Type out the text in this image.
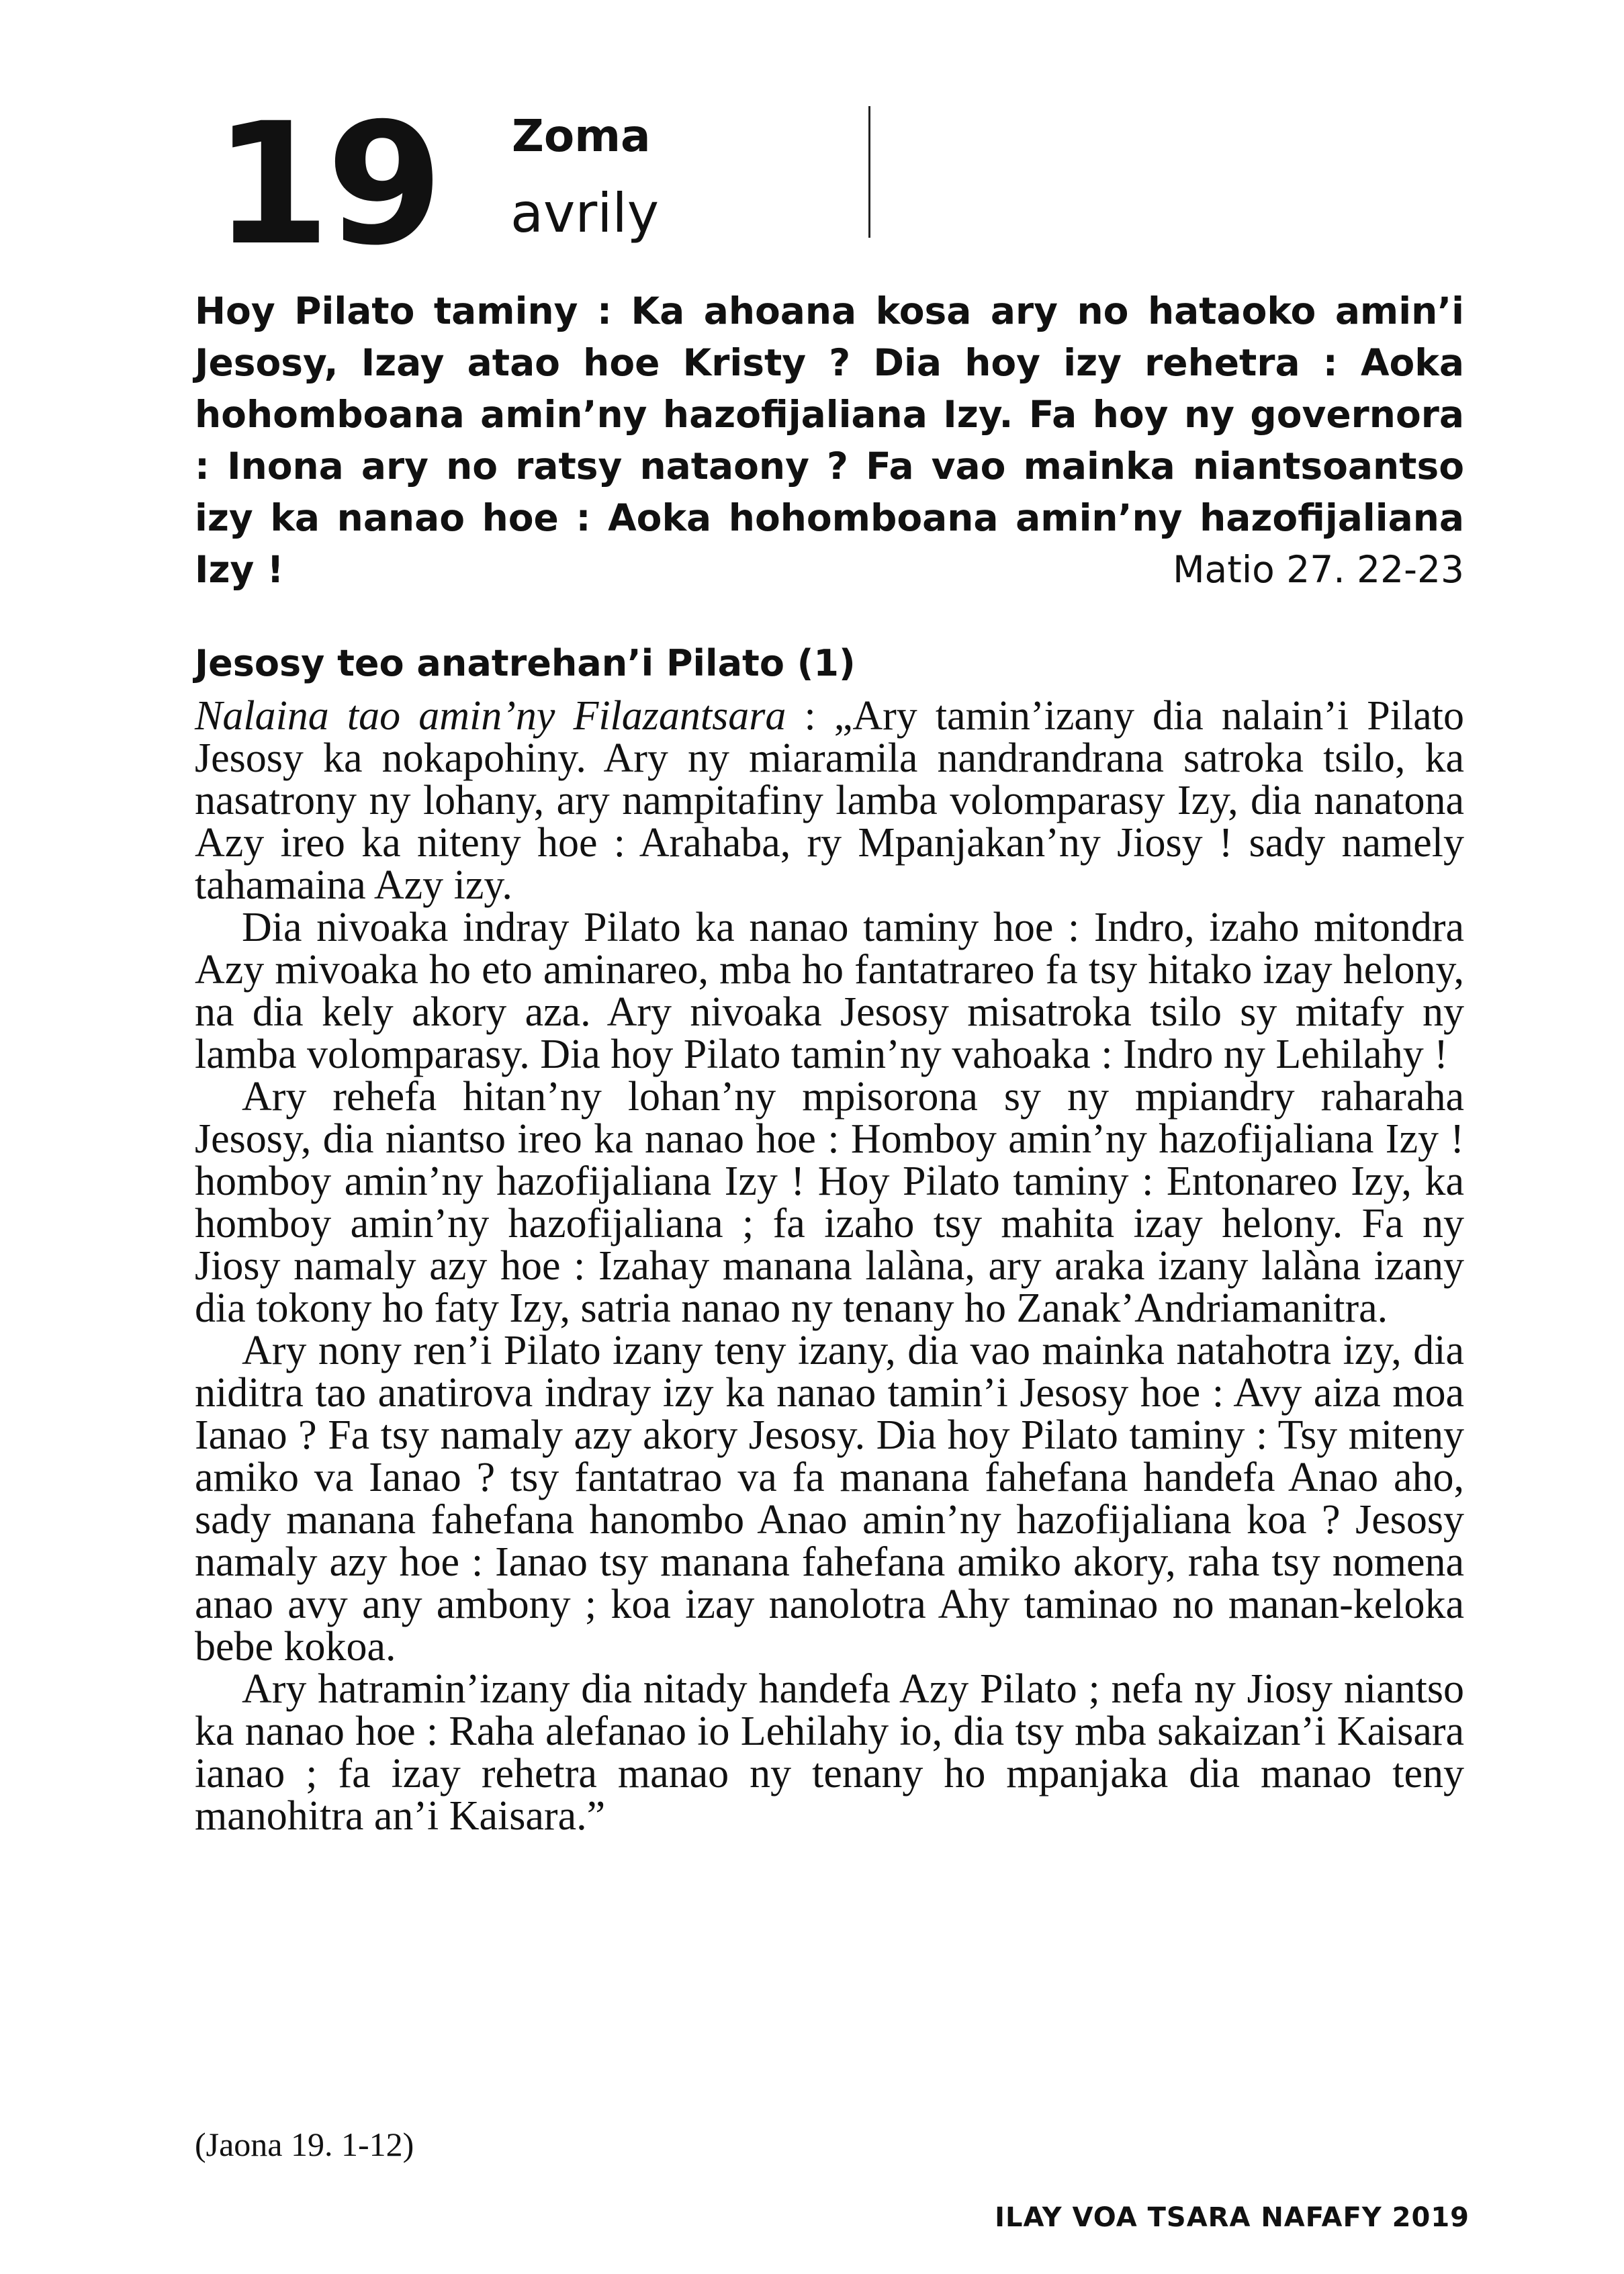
19 Zoma
avrily

Hoy Pilato taminy : Ka ahoana kosa ary no hataoko amin’i Jesosy, Izay atao hoe Kristy ? Dia hoy izy rehetra : Aoka hohomboana amin’ny hazofijaliana Izy. Fa hoy ny governora : Inona ary no ratsy nataony ? Fa vao mainka niantsoantso izy ka nanao hoe : Aoka hohomboana amin’ny hazofijaliana Izy !	Matio 27. 22-23

Jesosy teo anatrehan’i Pilato (1)

Nalaina tao amin’ny Filazantsara : „Ary tamin’izany dia nalain’i Pilato Jesosy ka nokapohiny. Ary ny miaramila nandrandrana satroka tsilo, ka nasatrony ny lohany, ary nampitafiny lamba volomparasy Izy, dia nanatona Azy ireo ka niteny hoe : Arahaba, ry Mpanjakan’ny Jiosy ! sady namely tahamaina Azy izy.

Dia nivoaka indray Pilato ka nanao taminy hoe : Indro, izaho mitondra Azy mivoaka ho eto aminareo, mba ho fantatrareo fa tsy hitako izay helony, na dia kely akory aza. Ary nivoaka Jesosy misatroka tsilo sy mitafy ny lamba volomparasy. Dia hoy Pilato tamin’ny vahoaka : Indro ny Lehilahy !

Ary rehefa hitan’ny lohan’ny mpisorona sy ny mpiandry raharaha Jesosy, dia niantso ireo ka nanao hoe : Homboy amin’ny hazofijaliana Izy ! homboy amin’ny hazofijaliana Izy ! Hoy Pilato taminy : Entonareo Izy, ka homboy amin’ny hazofijaliana ; fa izaho tsy mahita izay helony. Fa ny Jiosy namaly azy hoe : Izahay manana lalàna, ary araka izany lalàna izany dia tokony ho faty Izy, satria nanao ny tenany ho Zanak’Andriamanitra.

Ary nony ren’i Pilato izany teny izany, dia vao mainka natahotra izy, dia niditra tao anatirova indray izy ka nanao tamin’i Jesosy hoe : Avy aiza moa Ianao ? Fa tsy namaly azy akory Jesosy. Dia hoy Pilato taminy : Tsy miteny amiko va Ianao ? tsy fantatrao va fa manana fahefana handefa Anao aho, sady manana fahefana hanombo Anao amin’ny hazofijaliana koa ? Jesosy namaly azy hoe : Ianao tsy manana fahefana amiko akory, raha tsy nomena anao avy any ambony ; koa izay nanolotra Ahy taminao no manan-keloka bebe kokoa.

Ary hatramin’izany dia nitady handefa Azy Pilato ; nefa ny Jiosy niantso ka nanao hoe : Raha alefanao io Lehilahy io, dia tsy mba sakaizan’i Kaisara ianao ; fa izay rehetra manao ny tenany ho mpanjaka dia manao teny manohitra an’i Kaisara.”

(Jaona 19. 1-12)
ILAY VOA TSARA NAFAFY 2019
